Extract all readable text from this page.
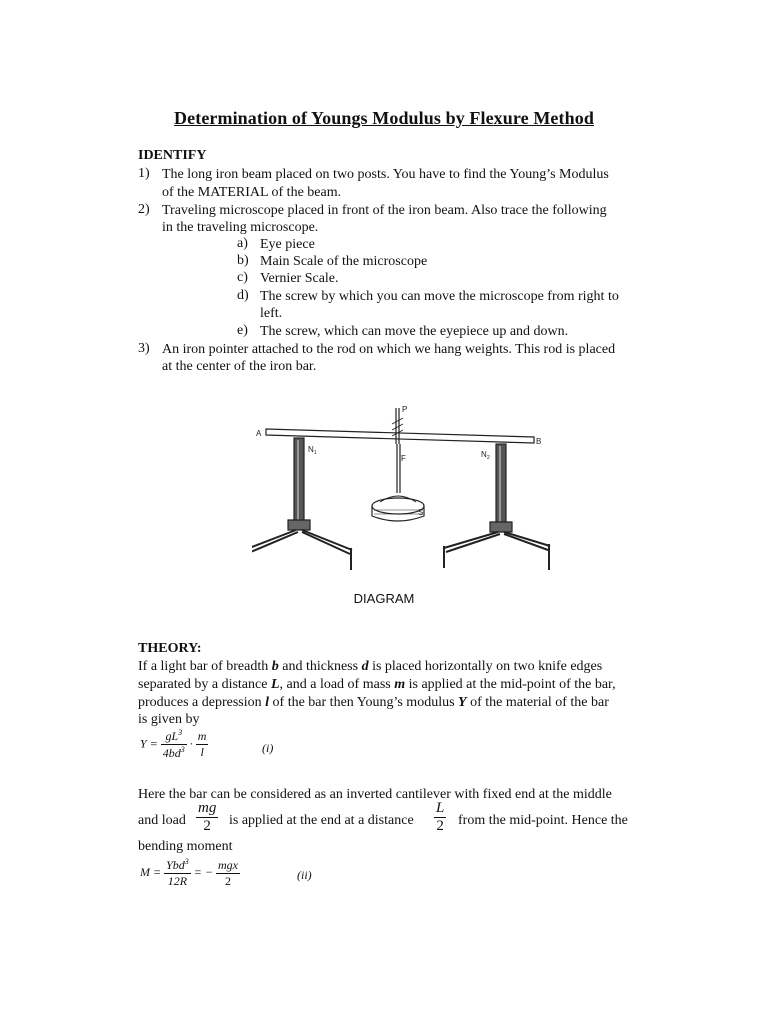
Determination of Youngs Modulus by Flexure Method
IDENTIFY
1) The long iron beam placed on two posts. You have to find the Young’s Modulus
of the MATERIAL of the beam.
2) Traveling microscope placed in front of the iron beam. Also trace the following
in the traveling microscope.
a) Eye piece
b) Main Scale of the microscope
c) Vernier Scale.
d) The screw by which you can move the microscope from right to
left.
e) The screw, which can move the eyepiece up and down.
3) An iron pointer attached to the rod on which we hang weights. This rod is placed
at the center of the iron bar.
A
B
P
F
S
N 1	N 2
DIAGRAM
THEORY:
If a light bar of breadth b and thickness d is placed horizontally on two knife edges
separated by a distance L, and a load of mass m is applied at the mid-point of the bar,
produces a depression l of the bar then Young’s modulus Y of the material of the bar
is given by
$Y = \frac{gL^3}{4bd^3} \cdot \frac{m}{l}$	(i)
Here the bar can be considered as an inverted cantilever with fixed end at the middle
and load $\frac{mg}{2}$ is applied at the end at a distance $\frac{L}{2}$ from the mid-point. Hence the
bending moment
$M = \frac{Ybd^3}{12R}$ = − $\frac{\text{mgx}}{2}$	(ii)
